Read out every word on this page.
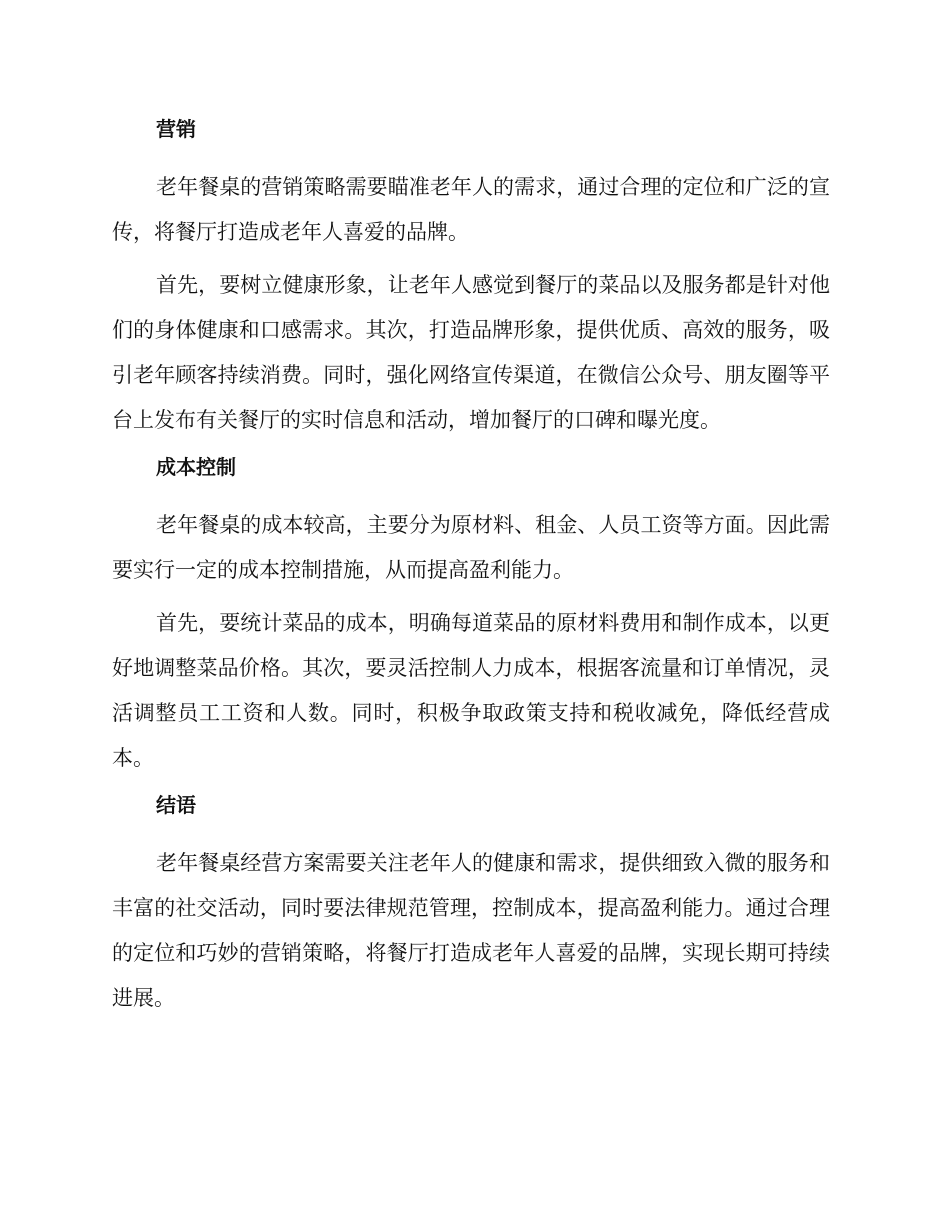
营销

老年餐桌的营销策略需要瞄准老年人的需求，通过合理的定位和广泛的宣传，将餐厅打造成老年人喜爱的品牌。

首先，要树立健康形象，让老年人感觉到餐厅的菜品以及服务都是针对他们的身体健康和口感需求。其次，打造品牌形象，提供优质、高效的服务，吸引老年顾客持续消费。同时，强化网络宣传渠道，在微信公众号、朋友圈等平台上发布有关餐厅的实时信息和活动，增加餐厅的口碑和曝光度。

成本控制

老年餐桌的成本较高，主要分为原材料、租金、人员工资等方面。因此需要实行一定的成本控制措施，从而提高盈利能力。

首先，要统计菜品的成本，明确每道菜品的原材料费用和制作成本，以更好地调整菜品价格。其次，要灵活控制人力成本，根据客流量和订单情况，灵活调整员工工资和人数。同时，积极争取政策支持和税收减免，降低经营成本。

结语

老年餐桌经营方案需要关注老年人的健康和需求，提供细致入微的服务和丰富的社交活动，同时要法律规范管理，控制成本，提高盈利能力。通过合理的定位和巧妙的营销策略，将餐厅打造成老年人喜爱的品牌，实现长期可持续进展。
